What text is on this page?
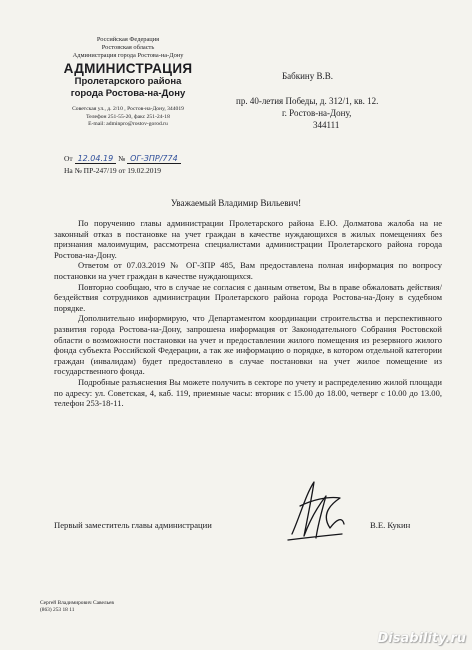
Российская Федерация
Ростовская область
Администрация города Ростова-на-Дону
АДМИНИСТРАЦИЯ
Пролетарского района
города Ростова-на-Дону
Советская ул., д. 2/10 , Ростов-на-Дону, 344019
Телефон 251-55-20, факс 251-24-18
E-mail: adminpro@rostov-gorod.ru
От 12.04.19 № ОГ-ЗПР/774
На № ПР-247/19 от 19.02.2019
Бабкину В.В.
пр. 40-летия Победы, д. 312/1, кв. 12.
г. Ростов-на-Дону,
344111
Уважаемый Владимир Вильевич!

По поручению главы администрации Пролетарского района Е.Ю. Долматова жалоба на не законный отказ в постановке на учет граждан в качестве нуждающихся в жилых помещениях без признания малоимущим, рассмотрена специалистами администрации Пролетарского района города Ростова-на-Дону.

Ответом от 07.03.2019 № ОГ-ЗПР 485, Вам предоставлена полная информация по вопросу постановки на учет граждан в качестве нуждающихся.

Повторно сообщаю, что в случае не согласия с данным ответом, Вы в праве обжаловать действия/бездействия сотрудников администрации Пролетарского района города Ростова-на-Дону в судебном порядке.

Дополнительно информирую, что Департаментом координации строительства и перспективного развития города Ростова-на-Дону, запрошена информация от Законодательного Собрания Ростовской области о возможности постановки на учет и предоставлении жилого помещения из резервного жилого фонда субъекта Российской Федерации, а так же информацию о порядке, в котором отдельной категории граждан (инвалидам) будет предоставлено в случае постановки на учет жилое помещение из государственного фонда.

Подробные разъяснения Вы можете получить в секторе по учету и распределению жилой площади по адресу: ул. Советская, 4, каб. 119, приемные часы: вторник с 15.00 до 18.00, четверг с 10.00 до 13.00, телефон 253-18-11.

Первый заместитель главы администрации	В.Е. Кукин
Сергей Владимирович Савельев
(863) 253 18 11
Disability.ru
